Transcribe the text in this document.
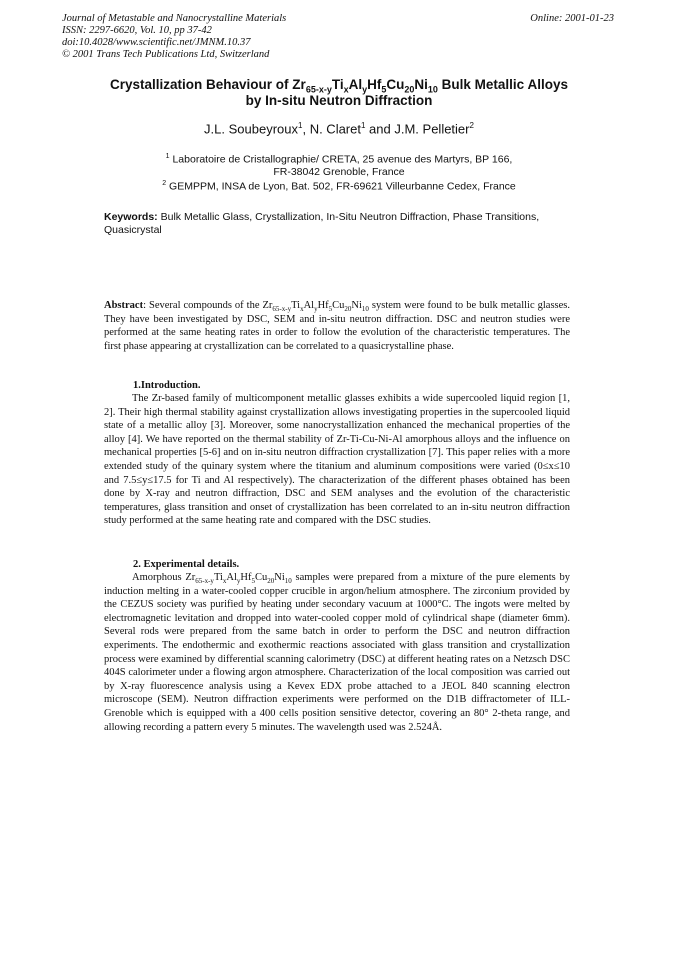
Journal of Metastable and Nanocrystalline Materials
ISSN: 2297-6620, Vol. 10, pp 37-42
doi:10.4028/www.scientific.net/JMNM.10.37
© 2001 Trans Tech Publications Ltd, Switzerland
Online: 2001-01-23
Crystallization Behaviour of $Zr_{65-x-y}Ti_xAl_yHf_5Cu_{20}Ni_{10}$ Bulk Metallic Alloys
by In-situ Neutron Diffraction
J.L. Soubeyroux$^1$, N. Claret$^1$ and J.M. Pelletier$^2$
$^1$ Laboratoire de Cristallographie/ CRETA, 25 avenue des Martyrs, BP 166,
FR-38042 Grenoble, France
$^2$ GEMPPM, INSA de Lyon, Bat. 502, FR-69621 Villeurbanne Cedex, France
Keywords: Bulk Metallic Glass, Crystallization, In-Situ Neutron Diffraction, Phase Transitions, Quasicrystal
Abstract: Several compounds of the $Zr_{65-x-y}Ti_xAl_yHf_5Cu_{20}Ni_{10}$ system were found to be bulk metallic glasses. They have been investigated by DSC, SEM and in-situ neutron diffraction. DSC and neutron studies were performed at the same heating rates in order to follow the evolution of the characteristic temperatures. The first phase appearing at crystallization can be correlated to a quasicrystalline phase.
1.Introduction.
The Zr-based family of multicomponent metallic glasses exhibits a wide supercooled liquid region [1, 2]. Their high thermal stability against crystallization allows investigating properties in the supercooled liquid state of a metallic alloy [3]. Moreover, some nanocrystallization enhanced the mechanical properties of the alloy [4]. We have reported on the thermal stability of Zr-Ti-Cu-Ni-Al amorphous alloys and the influence on mechanical properties [5-6] and on in-situ neutron diffraction crystallization [7]. This paper relies with a more extended study of the quinary system where the titanium and aluminum compositions were varied (0≤x≤10 and 7.5≤y≤17.5 for Ti and Al respectively). The characterization of the different phases obtained has been done by X-ray and neutron diffraction, DSC and SEM analyses and the evolution of the characteristic temperatures, glass transition and onset of crystallization has been correlated to an in-situ neutron diffraction study performed at the same heating rate and compared with the DSC studies.
2. Experimental details.
Amorphous $Zr_{65-x-y}Ti_xAl_yHf_5Cu_{20}Ni_{10}$ samples were prepared from a mixture of the pure elements by induction melting in a water-cooled copper crucible in argon/helium atmosphere. The zirconium provided by the CEZUS society was purified by heating under secondary vacuum at 1000°C. The ingots were melted by electromagnetic levitation and dropped into water-cooled copper mold of cylindrical shape (diameter 6mm). Several rods were prepared from the same batch in order to perform the DSC and neutron diffraction experiments. The endothermic and exothermic reactions associated with glass transition and crystallization process were examined by differential scanning calorimetry (DSC) at different heating rates on a Netzsch DSC 404S calorimeter under a flowing argon atmosphere. Characterization of the local composition was carried out by X-ray fluorescence analysis using a Kevex EDX probe attached to a JEOL 840 scanning electron microscope (SEM). Neutron diffraction experiments were performed on the D1B diffractometer of ILL-Grenoble which is equipped with a 400 cells position sensitive detector, covering an 80° 2-theta range, and allowing recording a pattern every 5 minutes. The wavelength used was 2.524Å.
